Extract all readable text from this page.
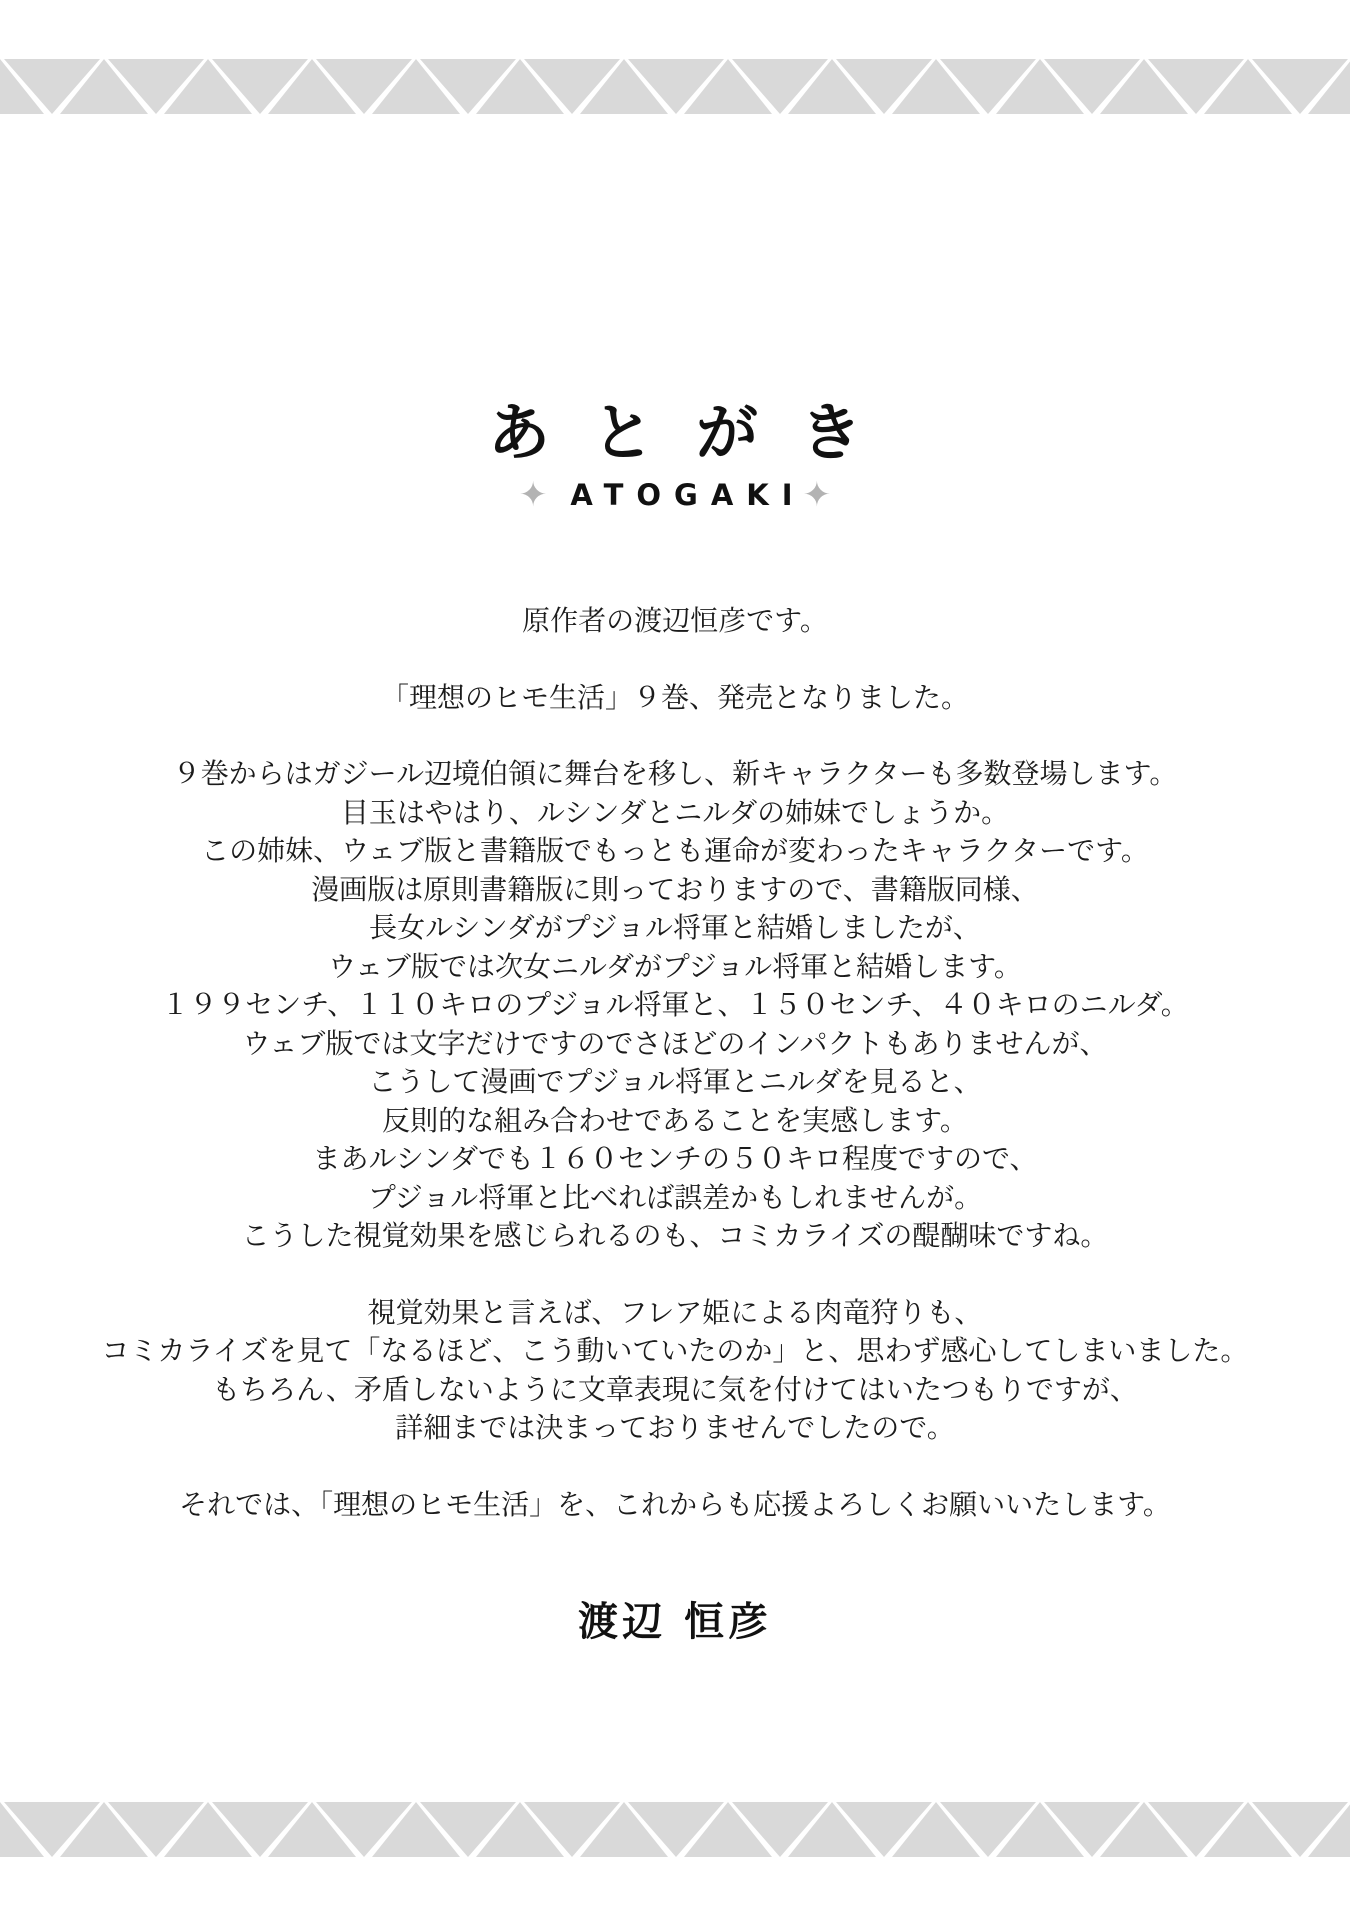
あとがき
✦ ATOGAKI✦
原作者の渡辺恒彦です。
「理想のヒモ生活」９巻、発売となりました。
９巻からはガジール辺境伯領に舞台を移し、新キャラクターも多数登場します。
目玉はやはり、ルシンダとニルダの姉妹でしょうか。
この姉妹、ウェブ版と書籍版でもっとも運命が変わったキャラクターです。
漫画版は原則書籍版に則っておりますので、書籍版同様、
長女ルシンダがプジョル将軍と結婚しましたが、
ウェブ版では次女ニルダがプジョル将軍と結婚します。
１９９センチ、１１０キロのプジョル将軍と、１５０センチ、４０キロのニルダ。
ウェブ版では文字だけですのでさほどのインパクトもありませんが、
こうして漫画でプジョル将軍とニルダを見ると、
反則的な組み合わせであることを実感します。
まあルシンダでも１６０センチの５０キロ程度ですので、
プジョル将軍と比べれば誤差かもしれませんが。
こうした視覚効果を感じられるのも、コミカライズの醍醐味ですね。
視覚効果と言えば、フレア姫による肉竜狩りも、
コミカライズを見て「なるほど、こう動いていたのか」と、思わず感心してしまいました。
もちろん、矛盾しないように文章表現に気を付けてはいたつもりですが、
詳細までは決まっておりませんでしたので。
それでは、「理想のヒモ生活」を、これからも応援よろしくお願いいたします。
渡辺 恒彦
